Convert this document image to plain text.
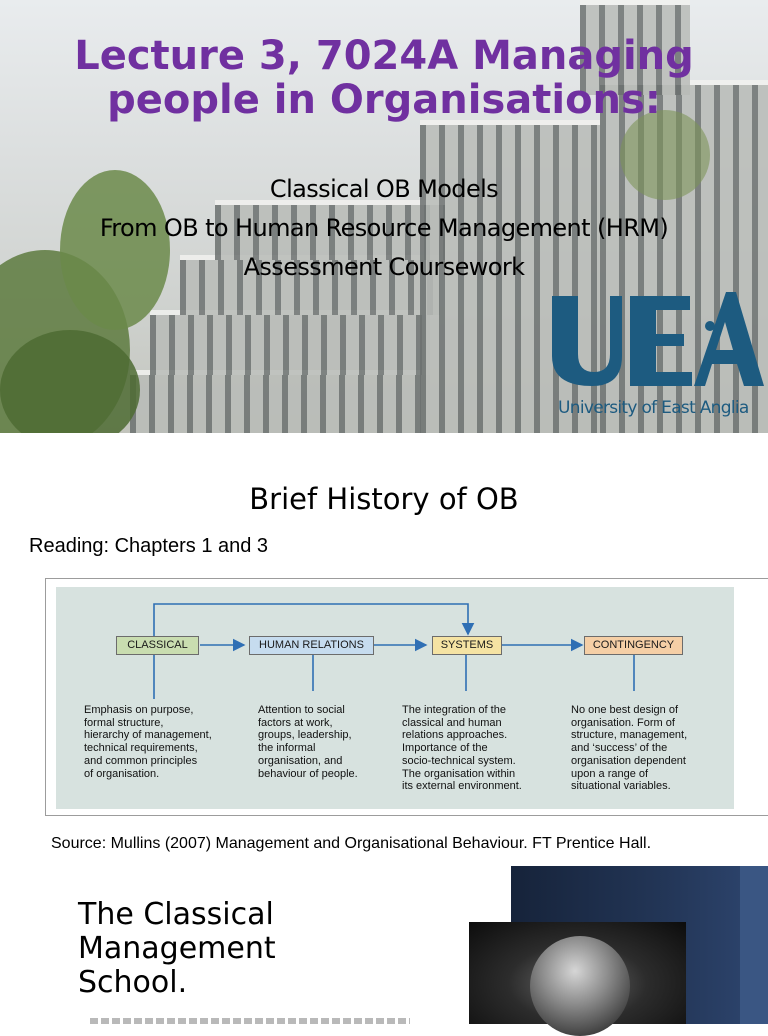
Lecture 3, 7024A Managing people in Organisations:
Classical OB Models
From OB to Human Resource Management (HRM)
Assessment Coursework
University of East Anglia
Brief History of OB
Reading: Chapters 1 and 3
CLASSICAL	HUMAN RELATIONS	SYSTEMS	CONTINGENCY
Emphasis on purpose,
formal structure,
hierarchy of management,
technical requirements,
and common principles
of organisation.
Attention to social
factors at work,
groups, leadership,
the informal
organisation, and
behaviour of people.
The integration of the
classical and human
relations approaches.
Importance of the
socio-technical system.
The organisation within
its external environment.
No one best design of
organisation. Form of
structure, management,
and ‘success’ of the
organisation dependent
upon a range of
situational variables.
Source: Mullins (2007) Management and Organisational Behaviour. FT Prentice Hall.
The Classical
Management
School.
